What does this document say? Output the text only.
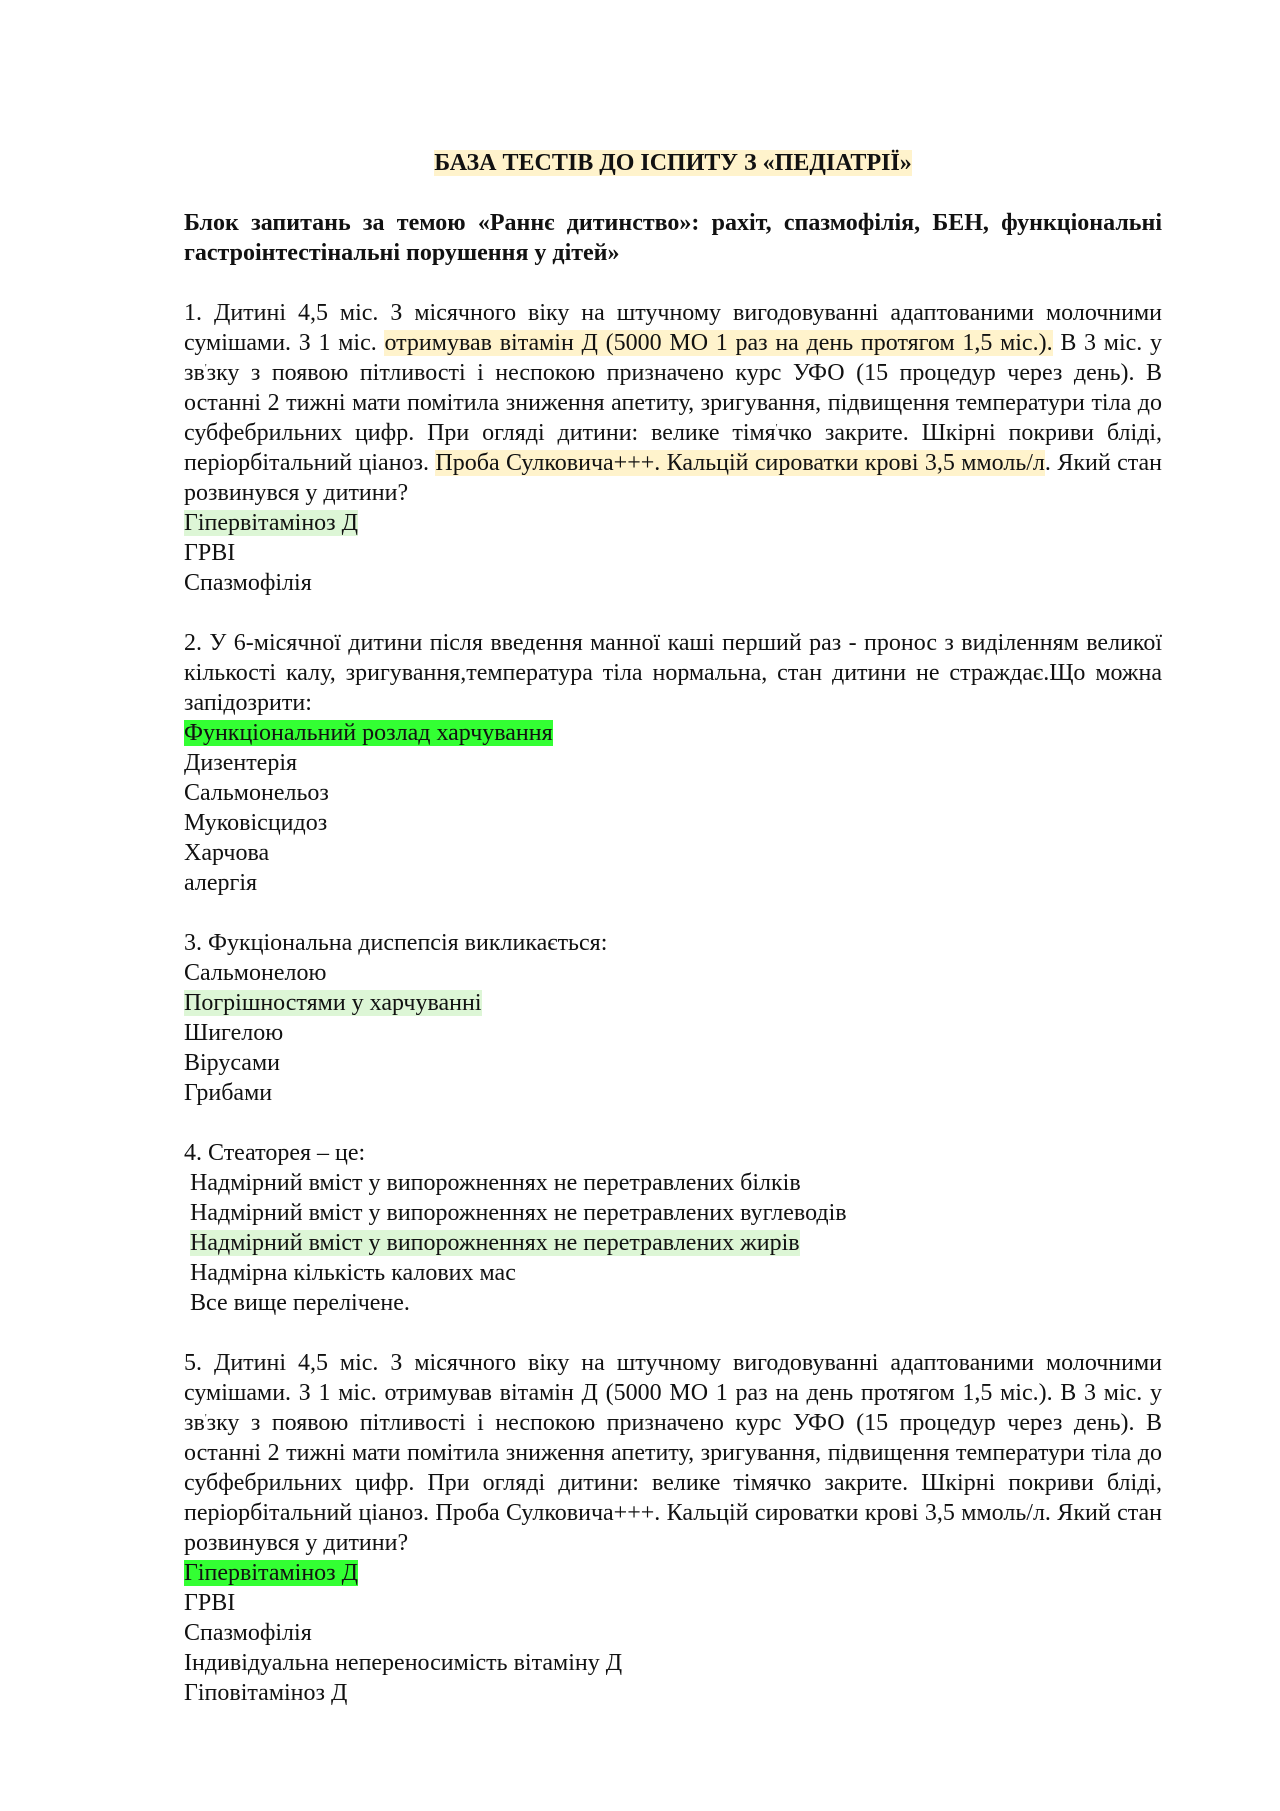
БАЗА ТЕСТІВ ДО ІСПИТУ З «ПЕДІАТРІЇ»
Блок запитань за темою «Раннє дитинство»: рахіт, спазмофілія, БЕН, функціональні гастроінтестінальні порушення у дітей»
1. Дитині 4,5 міс. З місячного віку на штучному вигодовуванні адаптованими молочними сумішами. З 1 міс. отримував вітамін Д (5000 МО 1 раз на день протягом 1,5 міс.). В 3 міс. у зв'зку з появою пітливості і неспокою призначено курс УФО (15 процедур через день). В останні 2 тижні мати помітила зниження апетиту, зригування, підвищення температури тіла до субфебрильних цифр. При огляді дитини: велике тімя'чко закрите. Шкірні покриви бліді, періорбітальний ціаноз. Проба Сулковича+++. Кальцій сироватки крові 3,5 ммоль/л. Який стан розвинувся у дитини?
Гіпервітаміноз Д
ГРВІ
Спазмофілія
2. У 6-місячної дитини після введення манної каші перший раз - пронос з виділенням великої кількості калу, зригування,температура тіла нормальна, стан дитини не страждає.Що можна запідозрити:
Функціональний розлад харчування
Дизентерія
Сальмонельоз
Муковісцидоз
Харчова
алергія
3. Фукціональна диспепсія викликається:
Сальмонелою
Погрішностями у харчуванні
Шигелою
Вірусами
Грибами
4. Стеаторея – це:
Надмірний вміст у випорожненнях не перетравлених білків
Надмірний вміст у випорожненнях не перетравлених вуглеводів
Надмірний вміст у випорожненнях не перетравлених жирів
Надмірна кількість калових мас
Все вище перелічене.
5. Дитині 4,5 міс. З місячного віку на штучному вигодовуванні адаптованими молочними сумішами. З 1 міс. отримував вітамін Д (5000 МО 1 раз на день протягом 1,5 міс.). В 3 міс. у зв'зку з появою пітливості і неспокою призначено курс УФО (15 процедур через день). В останні 2 тижні мати помітила зниження апетиту, зригування, підвищення температури тіла до субфебрильних цифр. При огляді дитини: велике тімячко закрите. Шкірні покриви бліді, періорбітальний ціаноз. Проба Сулковича+++. Кальцій сироватки крові 3,5 ммоль/л. Який стан розвинувся у дитини?
Гіпервітаміноз Д
ГРВІ
Спазмофілія
Індивідуальна непереносимість вітаміну Д
Гіповітаміноз Д
